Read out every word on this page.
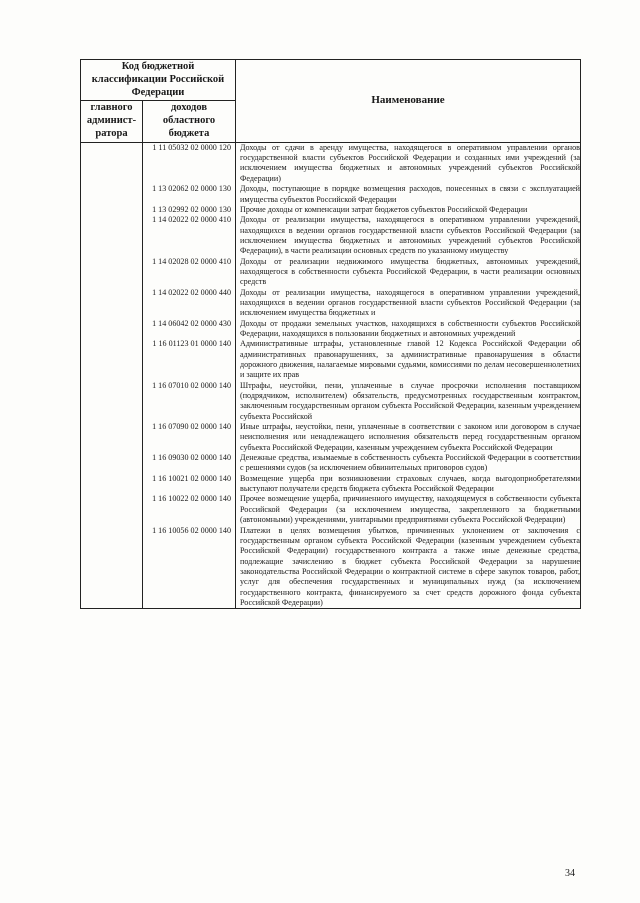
Код бюджетной классификации Российской Федерации		Наименование
главного админист-ратора	доходов областного бюджета	
	1 11 05032 02 0000 120	Доходы от сдачи в аренду имущества, находящегося в оперативном управлении органов государственной власти субъектов Российской Федерации и созданных ими учреждений (за исключением имущества бюджетных и автономных учреждений субъектов Российской Федерации)
	1 13 02062 02 0000 130	Доходы, поступающие в порядке возмещения расходов, понесенных в связи с эксплуатацией имущества субъектов Российской Федерации
	1 13 02992 02 0000 130	Прочие доходы от компенсации затрат бюджетов субъектов Российской Федерации
	1 14 02022 02 0000 410	Доходы от реализации имущества, находящегося в оперативном управлении учреждений, находящихся в ведении органов государственной власти субъектов Российской Федерации (за исключением имущества бюджетных и автономных учреждений субъектов Российской Федерации), в части реализации основных средств по указанному имуществу
	1 14 02028 02 0000 410	Доходы от реализации недвижимого имущества бюджетных, автономных учреждений, находящегося в собственности субъекта Российской Федерации, в части реализации основных средств
	1 14 02022 02 0000 440	Доходы от реализации имущества, находящегося в оперативном управлении учреждений, находящихся в ведении органов государственной власти субъектов Российской Федерации (за исключением имущества бюджетных и
	1 14 06042 02 0000 430	Доходы от продажи земельных участков, находящихся в собственности субъектов Российской Федерации, находящихся в пользовании бюджетных и автономных учреждений
	1 16 01123 01 0000 140	Административные штрафы, установленные главой 12 Кодекса Российской Федерации об административных правонарушениях, за административные правонарушения в области дорожного движения, налагаемые мировыми судьями, комиссиями по делам несовершеннолетних и защите их прав
	1 16 07010 02 0000 140	Штрафы, неустойки, пени, уплаченные в случае просрочки исполнения поставщиком (подрядчиком, исполнителем) обязательств, предусмотренных государственным контрактом, заключенным государственным органом субъекта Российской Федерации, казенным учреждением субъекта Российской
	1 16 07090 02 0000 140	Иные штрафы, неустойки, пени, уплаченные в соответствии с законом или договором в случае неисполнения или ненадлежащего исполнения обязательств перед государственным органом субъекта Российской Федерации, казенным учреждением субъекта Российской Федерации
	1 16 09030 02 0000 140	Денежные средства, изымаемые в собственность субъекта Российской Федерации в соответствии с решениями судов (за исключением обвинительных приговоров судов)
	1 16 10021 02 0000 140	Возмещение ущерба при возникновении страховых случаев, когда выгодоприобретателями выступают получатели средств бюджета субъекта Российской Федерации
	1 16 10022 02 0000 140	Прочее возмещение ущерба, причиненного имуществу, находящемуся в собственности субъекта Российской Федерации (за исключением имущества, закрепленного за бюджетными (автономными) учреждениями, унитарными предприятиями субъекта Российской Федерации)
	1 16 10056 02 0000 140	Платежи в целях возмещения убытков, причиненных уклонением от заключения с государственным органом субъекта Российской Федерации (казенным учреждением субъекта Российской Федерации) государственного контракта а также иные денежные средства, подлежащие зачислению в бюджет субъекта Российской Федерации за нарушение законодательства Российской Федерации о контрактной системе в сфере закупок товаров, работ, услуг для обеспечения государственных и муниципальных нужд (за исключением государственного контракта, финансируемого за счет средств дорожного фонда субъекта Российской Федерации)
34
